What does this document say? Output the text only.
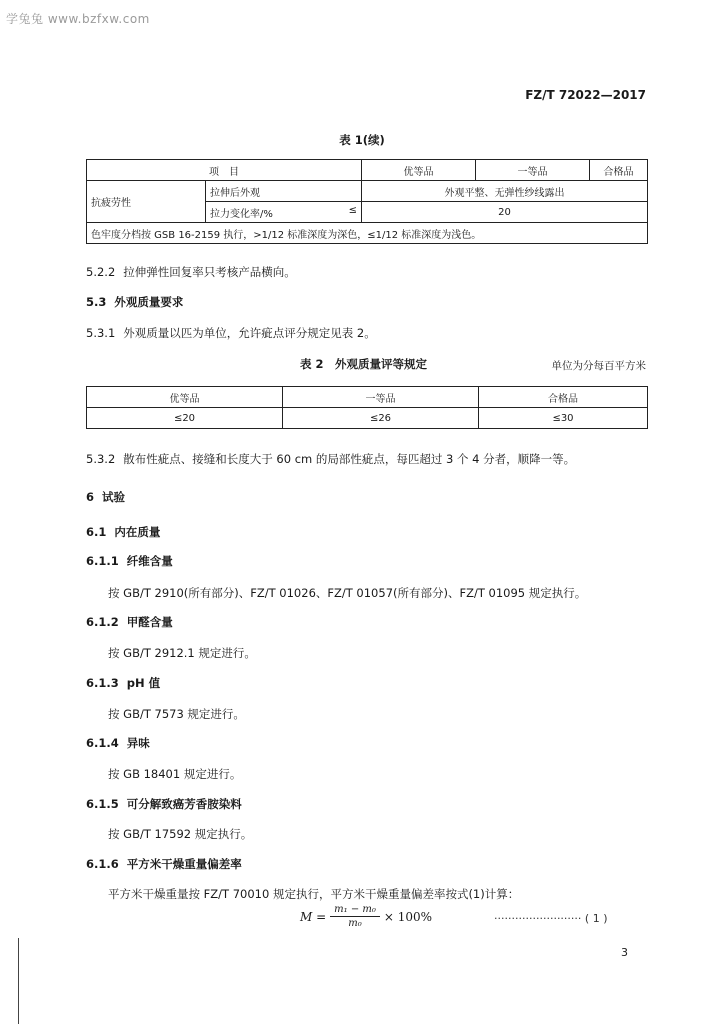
学兔兔 www.bzfxw.com
FZ/T 72022—2017
表 1(续)
项　目		优等品	一等品	合格品
抗疲劳性	拉伸后外观	外观平整、无弹性纱线露出		
	拉力变化率/% ≤	20		
色牢度分档按 GSB 16-2159 执行，>1/12 标准深度为深色，≤1/12 标准深度为浅色。				
5.2.2 拉伸弹性回复率只考核产品横向。
5.3 外观质量要求
5.3.1 外观质量以匹为单位，允许疵点评分规定见表 2。
表 2　外观质量评等规定	单位为分每百平方米
优等品	一等品	合格品
≤20	≤26	≤30
5.3.2 散布性疵点、接缝和长度大于 60 cm 的局部性疵点，每匹超过 3 个 4 分者，顺降一等。
6 试验
6.1 内在质量
6.1.1 纤维含量
按 GB/T 2910(所有部分)、FZ/T 01026、FZ/T 01057(所有部分)、FZ/T 01095 规定执行。
6.1.2 甲醛含量
按 GB/T 2912.1 规定进行。
6.1.3 pH 值
按 GB/T 7573 规定进行。
6.1.4 异味
按 GB 18401 规定进行。
6.1.5 可分解致癌芳香胺染料
按 GB/T 17592 规定执行。
6.1.6 平方米干燥重量偏差率
平方米干燥重量按 FZ/T 70010 规定执行，平方米干燥重量偏差率按式(1)计算：
$M = \frac{\text{m₁ − m₀}}{\text{m₀}} \times 100\%$	························· ( 1 )
3
